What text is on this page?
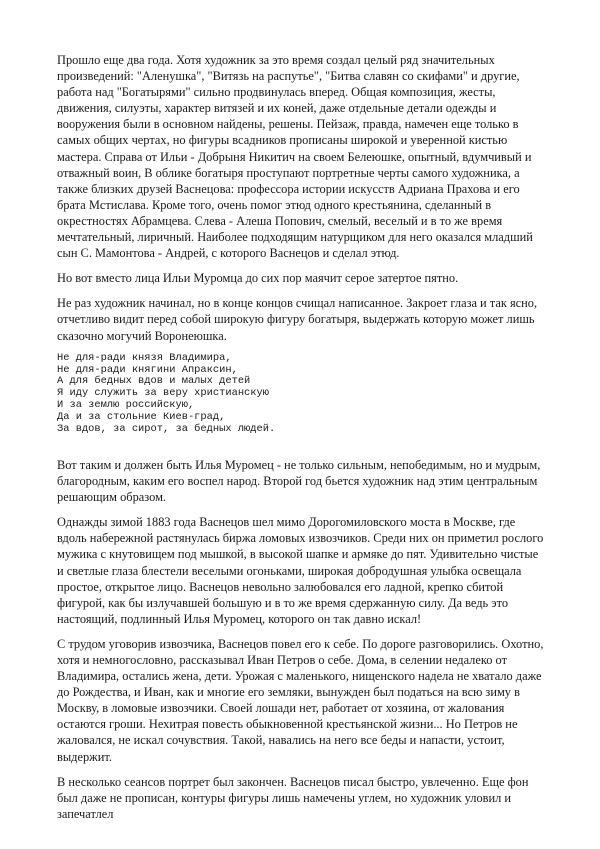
Прошло еще два года. Хотя художник за это время создал целый ряд значительных произведений: "Аленушка", "Витязь на распутье", "Битва славян со скифами" и другие, работа над "Богатырями" сильно продвинулась вперед. Общая композиция, жесты, движения, силуэты, характер витязей и их коней, даже отдельные детали одежды и вооружения были в основном найдены, решены. Пейзаж, правда, намечен еще только в самых общих чертах, но фигуры всадников прописаны широкой и уверенной кистью мастера. Справа от Ильи - Добрыня Никитич на своем Белеюшке, опытный, вдумчивый и отважный воин, В облике богатыря проступают портретные черты самого художника, а также близких друзей Васнецова: профессора истории искусств Адриана Прахова и его брата Мстислава. Кроме того, очень помог этюд одного крестьянина, сделанный в окрестностях Абрамцева. Слева - Алеша Попович, смелый, веселый и в то же время мечтательный, лиричный. Наиболее подходящим натурщиком для него оказался младший сын С. Мамонтова - Андрей, с которого Васнецов и сделал этюд.

Но вот вместо лица Ильи Муромца до сих пор маячит серое затертое пятно.

Не раз художник начинал, но в конце концов счищал написанное. Закроет глаза и так ясно, отчетливо видит перед собой широкую фигуру богатыря, выдержать которую может лишь сказочно могучий Воронеюшка.

Не для-ради князя Владимира,
Не для-ради княгини Апраксин,
А для бедных вдов и малых детей
Я иду служить за веру христианскую
И за землю российскую,
Да и за стольние Киев-град,
За вдов, за сирот, за бедных людей.

Вот таким и должен быть Илья Муромец - не только сильным, непобедимым, но и мудрым, благородным, каким его воспел народ. Второй год бьется художник над этим центральным решающим образом.

Однажды зимой 1883 года Васнецов шел мимо Дорогомиловского моста в Москве, где вдоль набережной растянулась биржа ломовых извозчиков. Среди них он приметил рослого мужика с кнутовищем под мышкой, в высокой шапке и армяке до пят. Удивительно чистые и светлые глаза блестели веселыми огоньками, широкая добродушная улыбка освещала простое, открытое лицо. Васнецов невольно залюбовался его ладной, крепко сбитой фигурой, как бы излучавшей большую и в то же время сдержанную силу. Да ведь это настоящий, подлинный Илья Муромец, которого он так давно искал!

С трудом уговорив извозчика, Васнецов повел его к себе. По дороге разговорились. Охотно, хотя и немногословно, рассказывал Иван Петров о себе. Дома, в селении недалеко от Владимира, остались жена, дети. Урожая с маленького, нищенского надела не хватало даже до Рождества, и Иван, как и многие его земляки, вынужден был податься на всю зиму в Москву, в ломовые извозчики. Своей лошади нет, работает от хозяина, от жалования остаются гроши. Нехитрая повесть обыкновенной крестьянской жизни... Но Петров не жаловался, не искал сочувствия. Такой, навались на него все беды и напасти, устоит, выдержит.

В несколько сеансов портрет был закончен. Васнецов писал быстро, увлеченно. Еще фон был даже не прописан, контуры фигуры лишь намечены углем, но художник уловил и запечатлел
